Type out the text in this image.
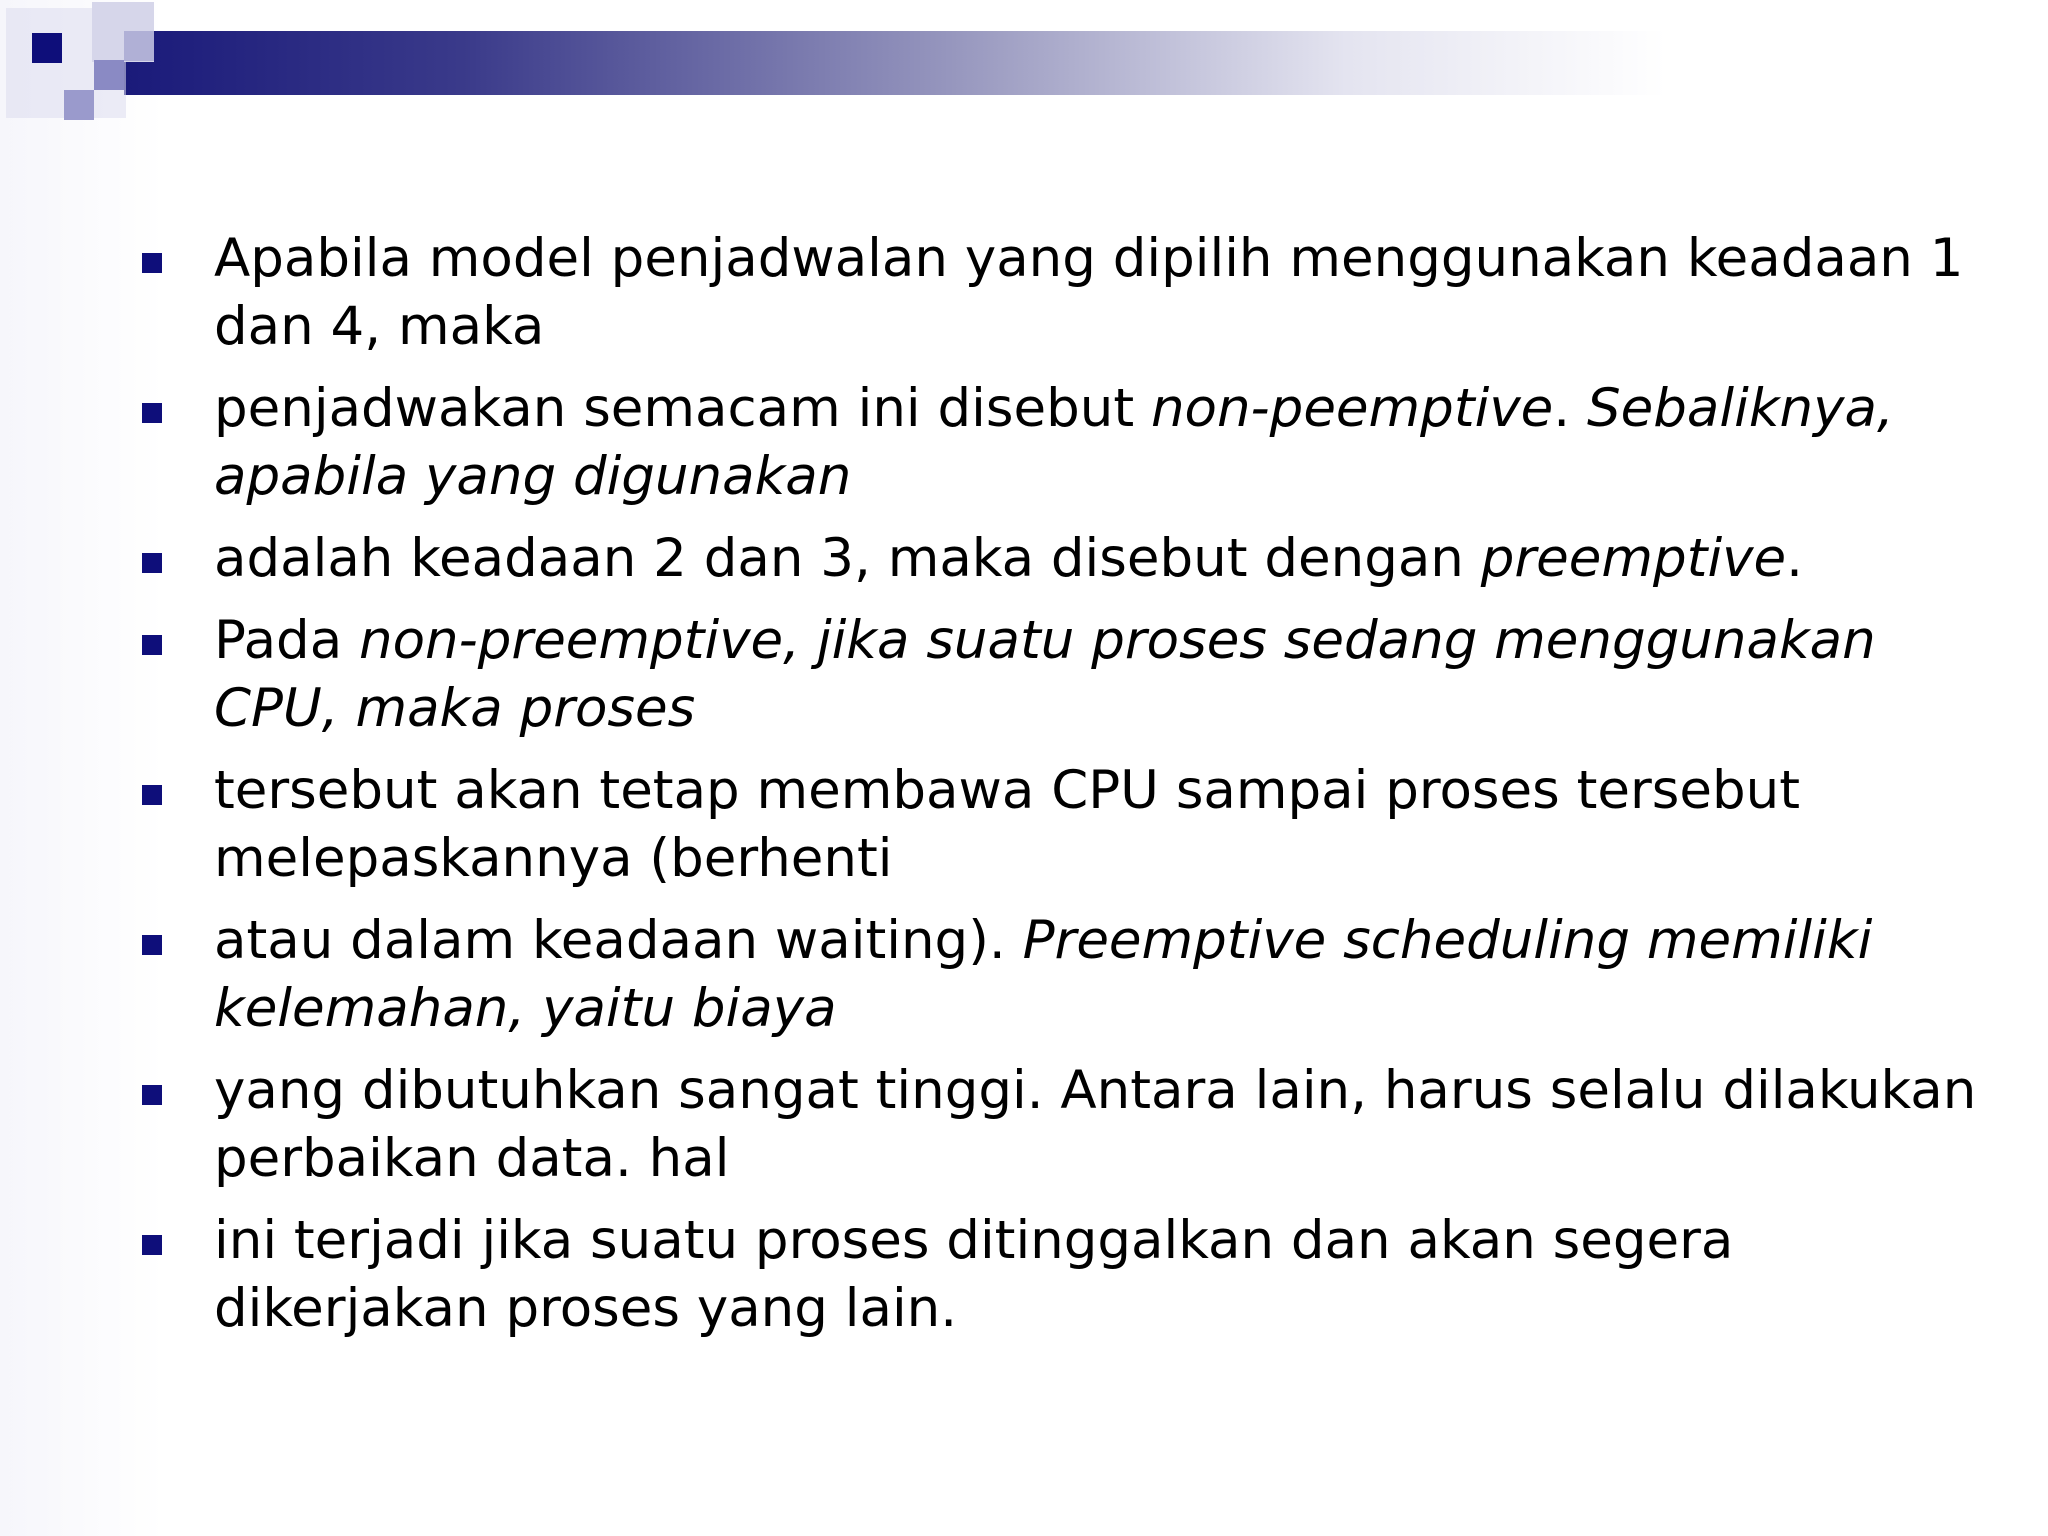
Apabila model penjadwalan yang dipilih menggunakan keadaan 1 dan 4, maka
penjadwakan semacam ini disebut non-peemptive. Sebaliknya, apabila yang digunakan
adalah keadaan 2 dan 3, maka disebut dengan preemptive.
Pada non-preemptive, jika suatu proses sedang menggunakan CPU, maka proses
tersebut akan tetap membawa CPU sampai proses tersebut melepaskannya (berhenti
atau dalam keadaan waiting). Preemptive scheduling memiliki kelemahan, yaitu biaya
yang dibutuhkan sangat tinggi. Antara lain, harus selalu dilakukan perbaikan data. hal
ini terjadi jika suatu proses ditinggalkan dan akan segera dikerjakan proses yang lain.
